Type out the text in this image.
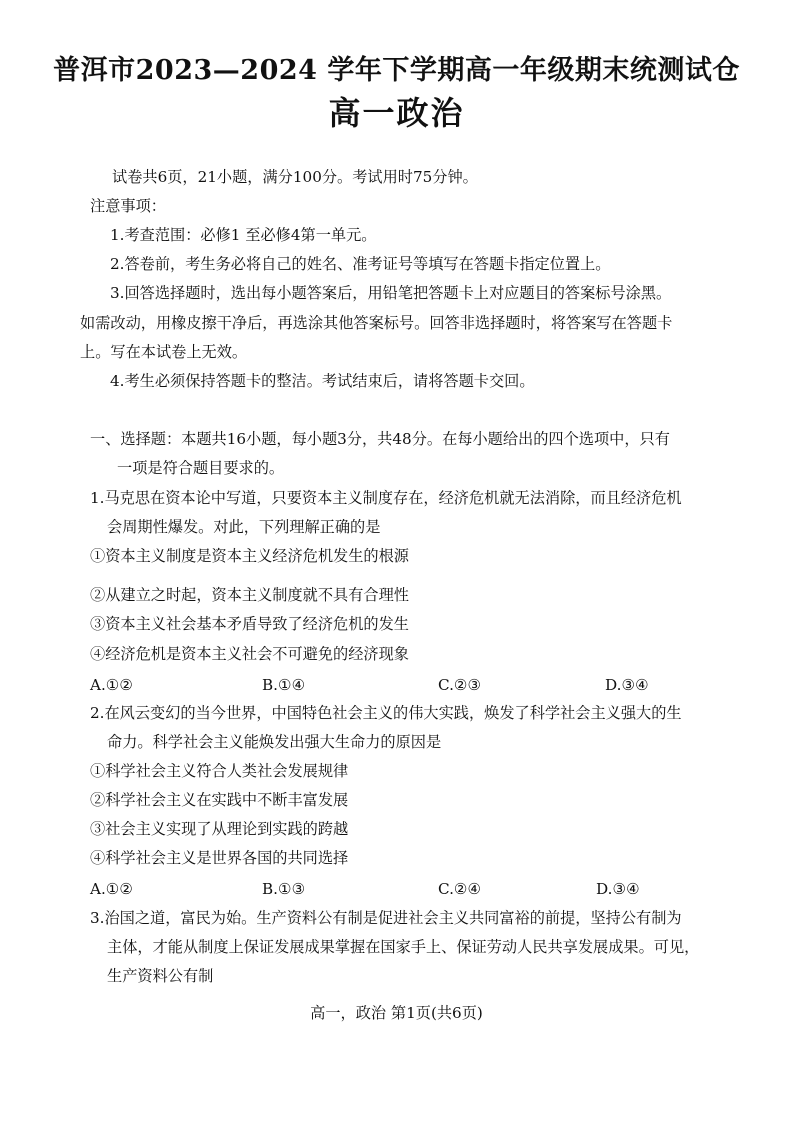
普洱市2023—2024 学年下学期高一年级期末统测试仓
高一政治
试卷共6页，21小题，满分100分。考试用时75分钟。
注意事项：
1.考查范围：必修1 至必修4第一单元。
2.答卷前，考生务必将自己的姓名、准考证号等填写在答题卡指定位置上。
3.回答选择题时，选出每小题答案后，用铅笔把答题卡上对应题目的答案标号涂黑。
如需改动，用橡皮擦干净后，再选涂其他答案标号。回答非选择题时，将答案写在答题卡
上。写在本试卷上无效。
4.考生必须保持答题卡的整洁。考试结束后，请将答题卡交回。
一、选择题：本题共16小题，每小题3分，共48分。在每小题给出的四个选项中，只有
一项是符合题目要求的。
1.马克思在资本论中写道，只要资本主义制度存在，经济危机就无法消除，而且经济危机
会周期性爆发。对此，下列理解正确的是
①资本主义制度是资本主义经济危机发生的根源
②从建立之时起，资本主义制度就不具有合理性
③资本主义社会基本矛盾导致了经济危机的发生
④经济危机是资本主义社会不可避免的经济现象
A.①②	B.①④	C.②③	D.③④
2.在风云变幻的当今世界，中国特色社会主义的伟大实践，焕发了科学社会主义强大的生
命力。科学社会主义能焕发出强大生命力的原因是
①科学社会主义符合人类社会发展规律
②科学社会主义在实践中不断丰富发展
③社会主义实现了从理论到实践的跨越
④科学社会主义是世界各国的共同选择
A.①②	B.①③	C.②④	D.③④
3.治国之道，富民为始。生产资料公有制是促进社会主义共同富裕的前提，坚持公有制为
主体，才能从制度上保证发展成果掌握在国家手上、保证劳动人民共享发展成果。可见，
生产资料公有制
高一，政治 第1页(共6页)
